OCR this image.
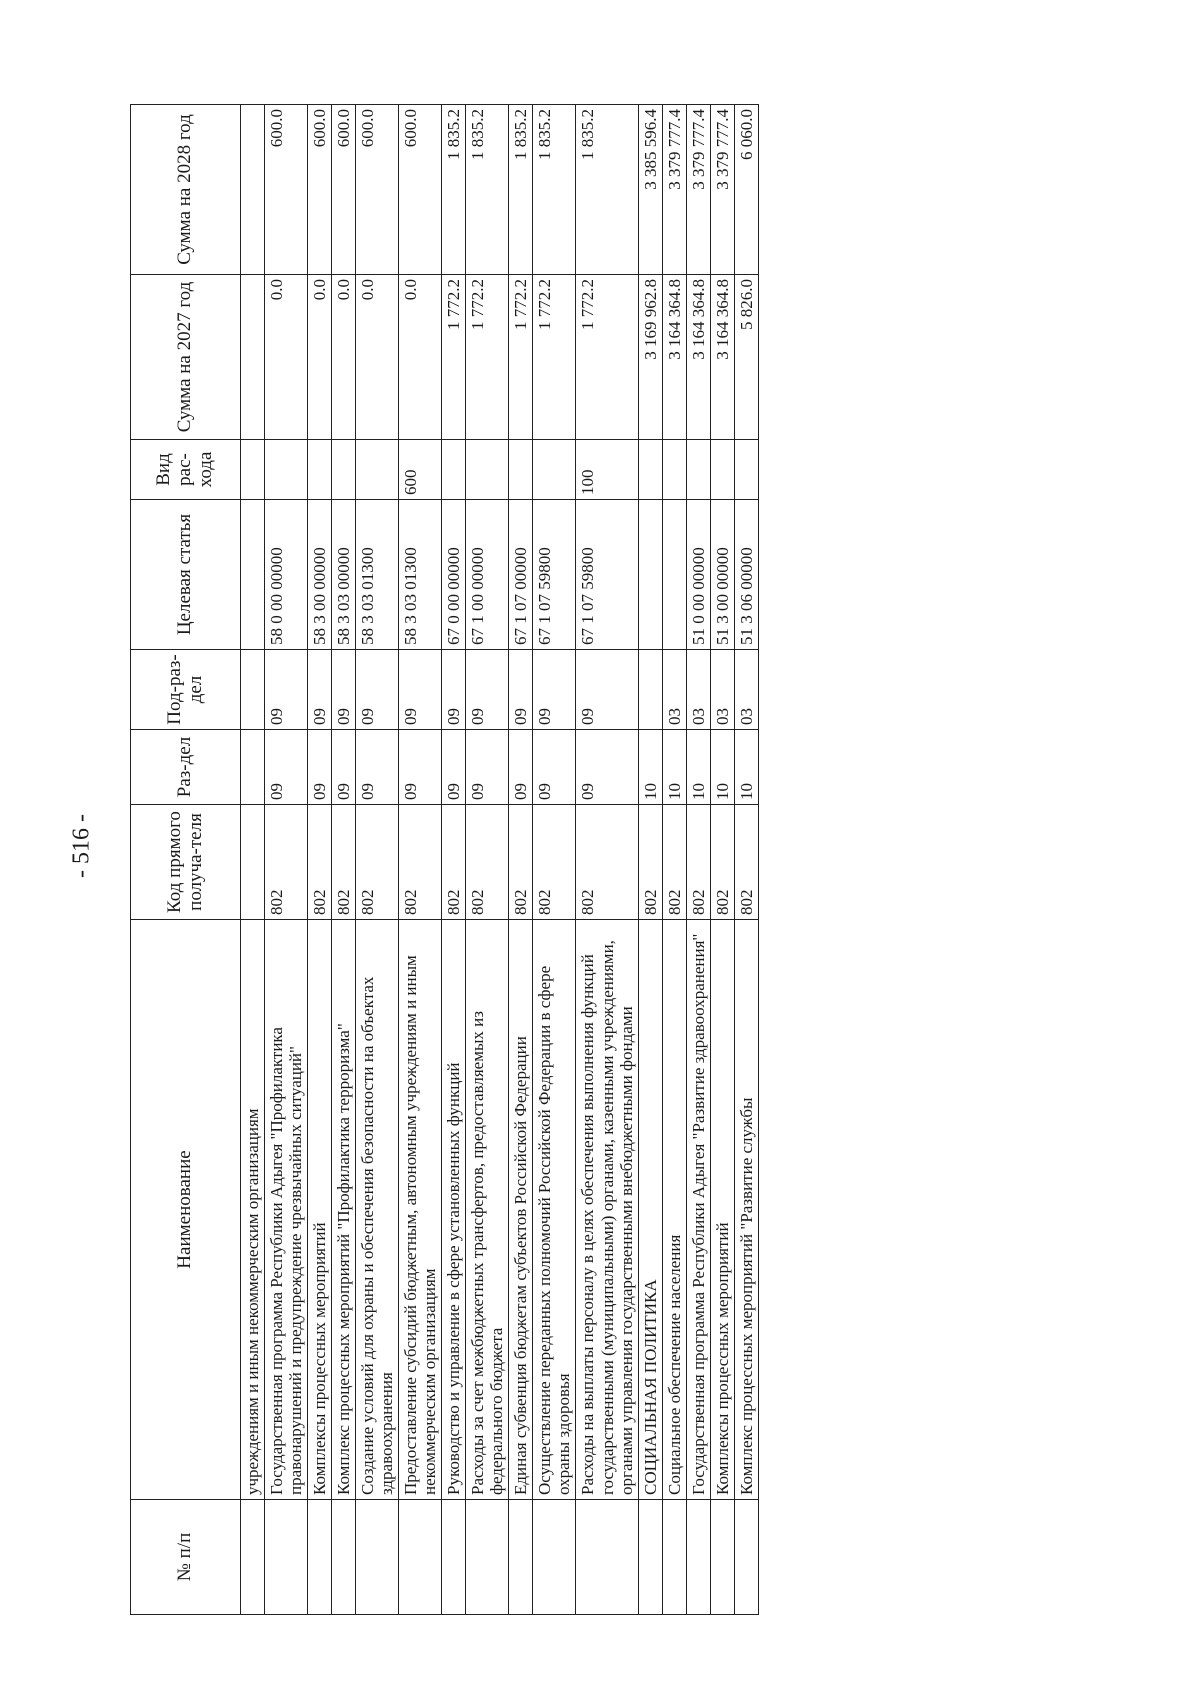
- 516 -
№ п/п	Наименование	Код прямого получа-теля	Раз-дел	Под-раз-дел	Целевая статья	Вид рас-хода	Сумма на 2027 год	Сумма на 2028 год
	учреждениям и иным некоммерческим организациям							
	Государственная программа Республики Адыгея "Профилактика правонарушений и предупреждение чрезвычайных ситуаций"	802	09	09	58 0 00 00000		0.0	600.0
	Комплексы процессных мероприятий	802	09	09	58 3 00 00000		0.0	600.0
	Комплекс процессных мероприятий "Профилактика терроризма"	802	09	09	58 3 03 00000		0.0	600.0
	Создание условий для охраны и обеспечения безопасности на объектах здравоохранения	802	09	09	58 3 03 01300		0.0	600.0
	Предоставление субсидий бюджетным, автономным учреждениям и иным некоммерческим организациям	802	09	09	58 3 03 01300	600	0.0	600.0
	Руководство и управление в сфере установленных функций	802	09	09	67 0 00 00000		1 772.2	1 835.2
	Расходы за счет межбюджетных трансфертов, предоставляемых из федерального бюджета	802	09	09	67 1 00 00000		1 772.2	1 835.2
	Единая субвенция бюджетам субъектов Российской Федерации	802	09	09	67 1 07 00000		1 772.2	1 835.2
	Осуществление переданных полномочий Российской Федерации в сфере охраны здоровья	802	09	09	67 1 07 59800		1 772.2	1 835.2
	Расходы на выплаты персоналу в целях обеспечения выполнения функций государственными (муниципальными) органами, казенными учреждениями, органами управления государственными внебюджетными фондами	802	09	09	67 1 07 59800	100	1 772.2	1 835.2
	СОЦИАЛЬНАЯ ПОЛИТИКА	802	10				3 169 962.8	3 385 596.4
	Социальное обеспечение населения	802	10	03			3 164 364.8	3 379 777.4
	Государственная программа Республики Адыгея "Развитие здравоохранения"	802	10	03	51 0 00 00000		3 164 364.8	3 379 777.4
	Комплексы процессных мероприятий	802	10	03	51 3 00 00000		3 164 364.8	3 379 777.4
	Комплекс процессных мероприятий "Развитие службы	802	10	03	51 3 06 00000		5 826.0	6 060.0
